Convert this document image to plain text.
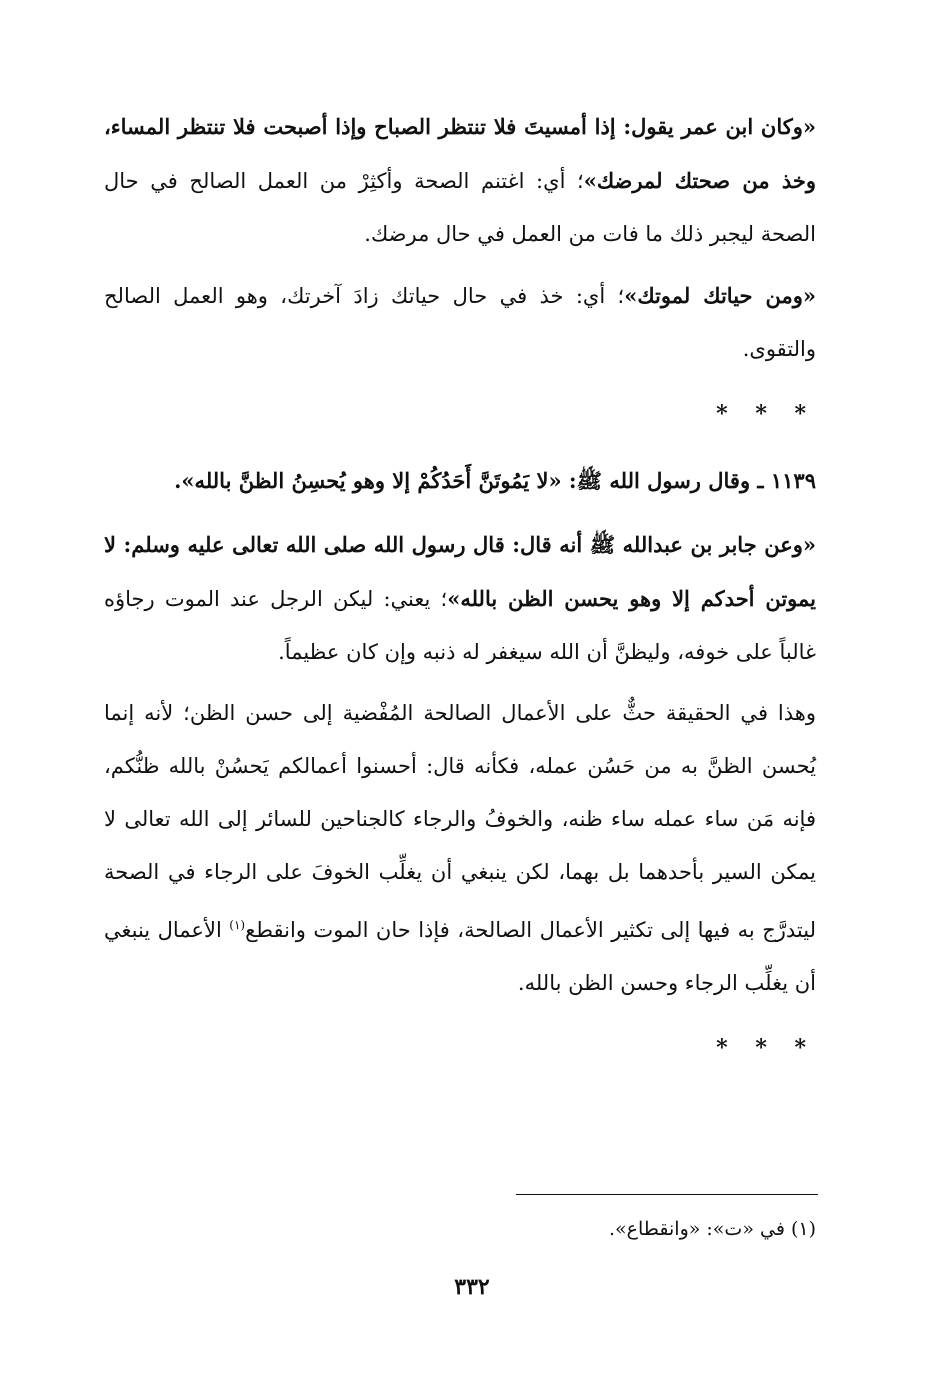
«وكان ابن عمر يقول: إذا أمسيتَ فلا تنتظر الصباح وإذا أصبحت فلا تنتظر المساء، وخذ من صحتك لمرضك»؛ أي: اغتنم الصحة وأكثِرْ من العمل الصالح في حال الصحة ليجبر ذلك ما فات من العمل في حال مرضك.

«ومن حياتك لموتك»؛ أي: خذ في حال حياتك زادَ آخرتك، وهو العمل الصالح والتقوى.

* * *

١١٣٩ ـ وقال رسول الله ﷺ: «لا يَمُوتَنَّ أَحَدُكُمْ إلا وهو يُحسِنُ الظنَّ بالله».

«وعن جابر بن عبدالله ﷺ أنه قال: قال رسول الله صلى الله تعالى عليه وسلم: لا يموتن أحدكم إلا وهو يحسن الظن بالله»؛ يعني: ليكن الرجل عند الموت رجاؤه غالباً على خوفه، وليظنَّ أن الله سيغفر له ذنبه وإن كان عظيماً.

وهذا في الحقيقة حثٌّ على الأعمال الصالحة المُفْضية إلى حسن الظن؛ لأنه إنما يُحسن الظنَّ به من حَسُن عمله، فكأنه قال: أحسنوا أعمالكم يَحسُنْ بالله ظنُّكم، فإنه مَن ساء عمله ساء ظنه، والخوفُ والرجاء كالجناحين للسائر إلى الله تعالى لا يمكن السير بأحدهما بل بهما، لكن ينبغي أن يغلِّب الخوفَ على الرجاء في الصحة ليتدرَّج به فيها إلى تكثير الأعمال الصالحة، فإذا حان الموت وانقطع$^{(١)}$ الأعمال ينبغي أن يغلِّب الرجاء وحسن الظن بالله.

* * *
(١) في «ت»: «وانقطاع».
٣٣٢
